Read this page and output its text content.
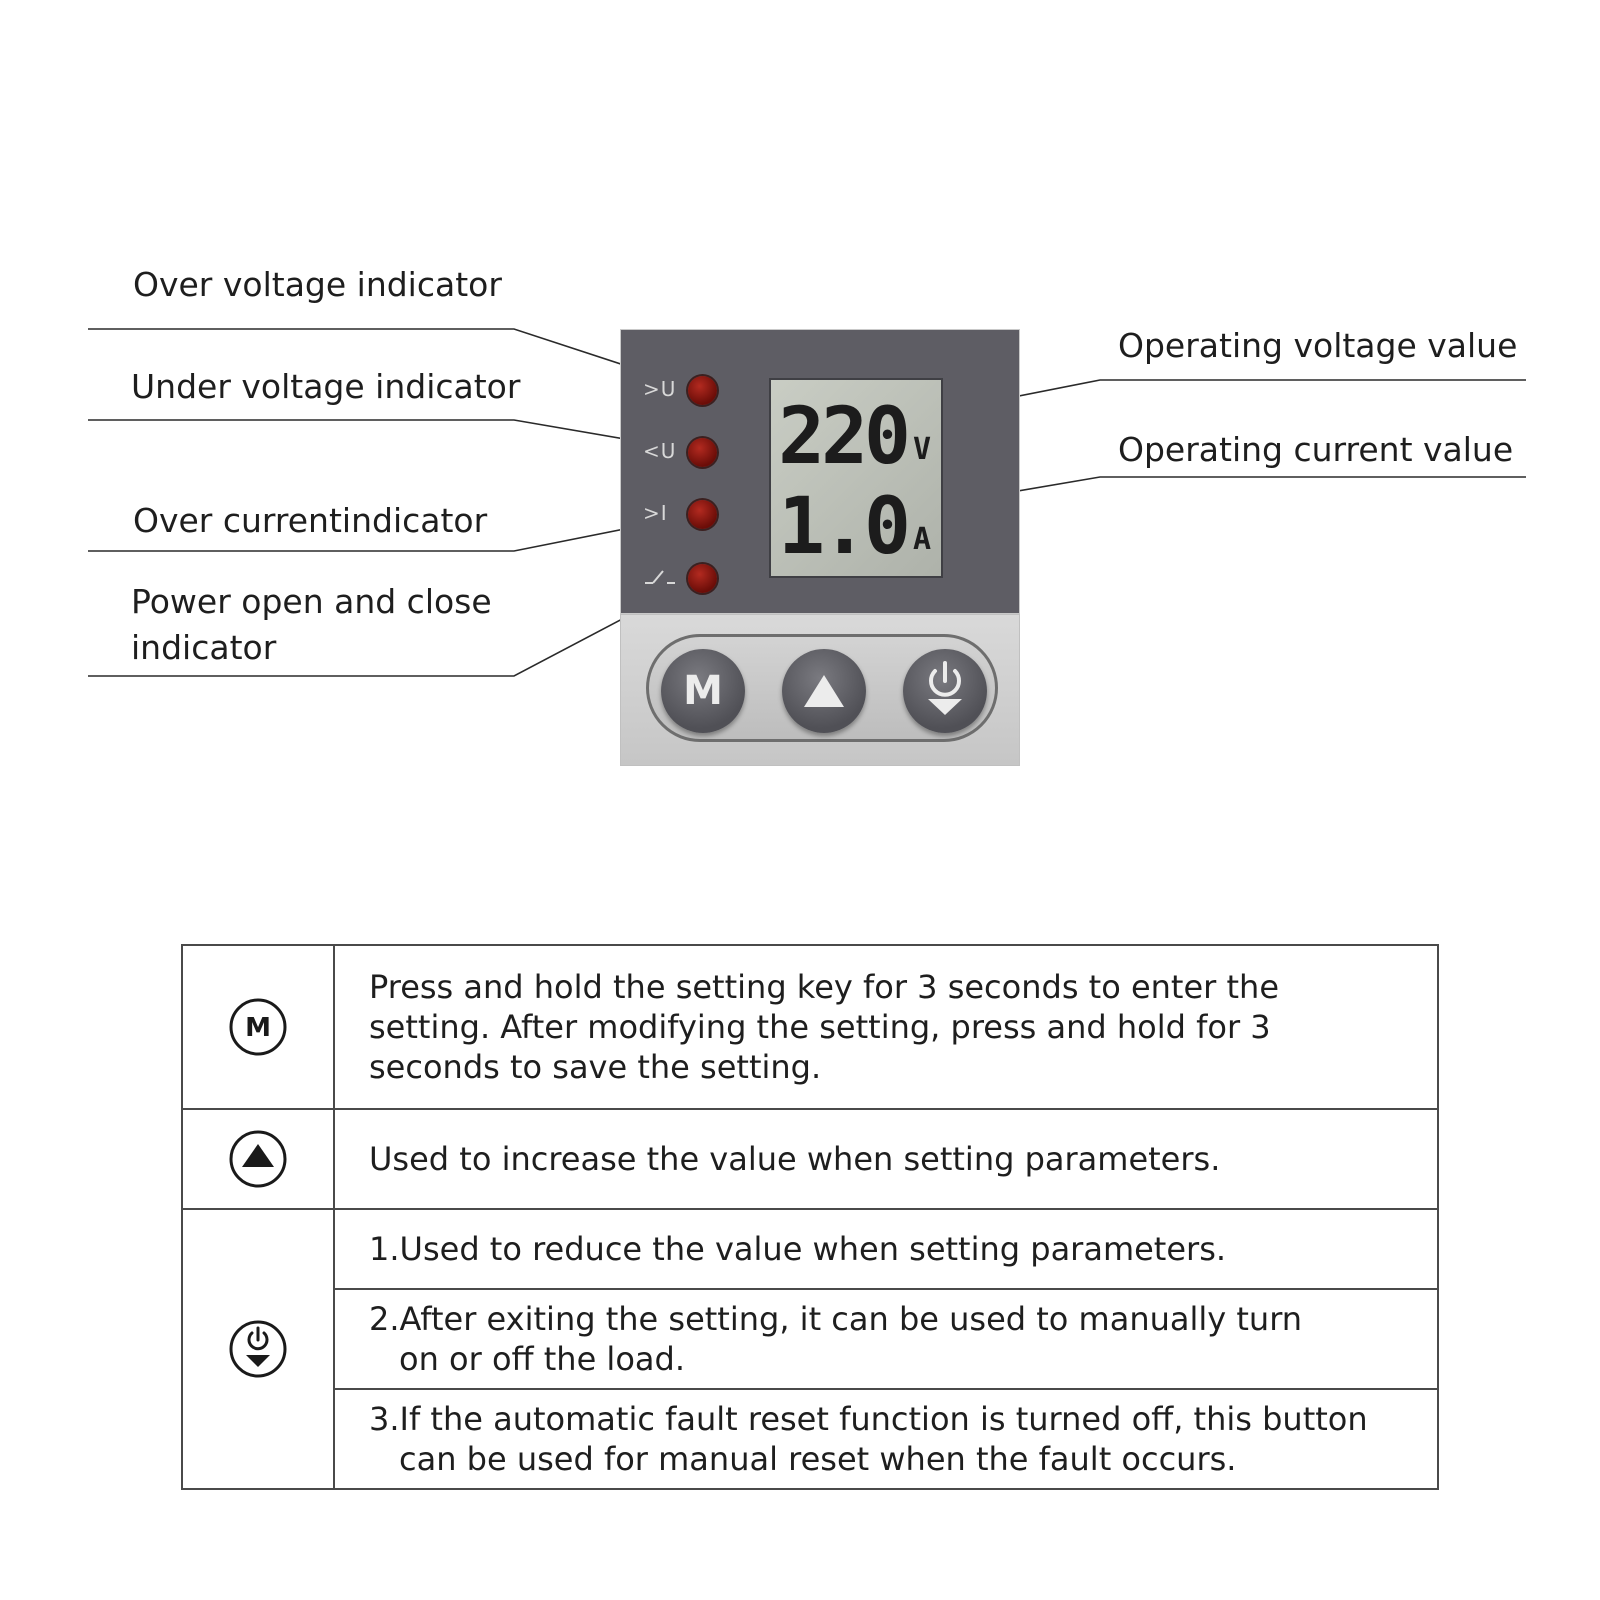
Over voltage indicator
Under voltage indicator
Over currentindicator
Power open and close indicator
Operating voltage value
Operating current value
>U
<U
>I
220 V
1.0 A
M
M	Press and hold the setting key for 3 seconds to enter the setting. After modifying the setting, press and hold for 3 seconds to save the setting.
	Used to increase the value when setting parameters.
	1.Used to reduce the value when setting parameters.
	2.After exiting the setting, it can be used to manually turn
on or off the load.

	3.If the automatic fault reset function is turned off, this button
can be used for manual reset when the fault occurs.
